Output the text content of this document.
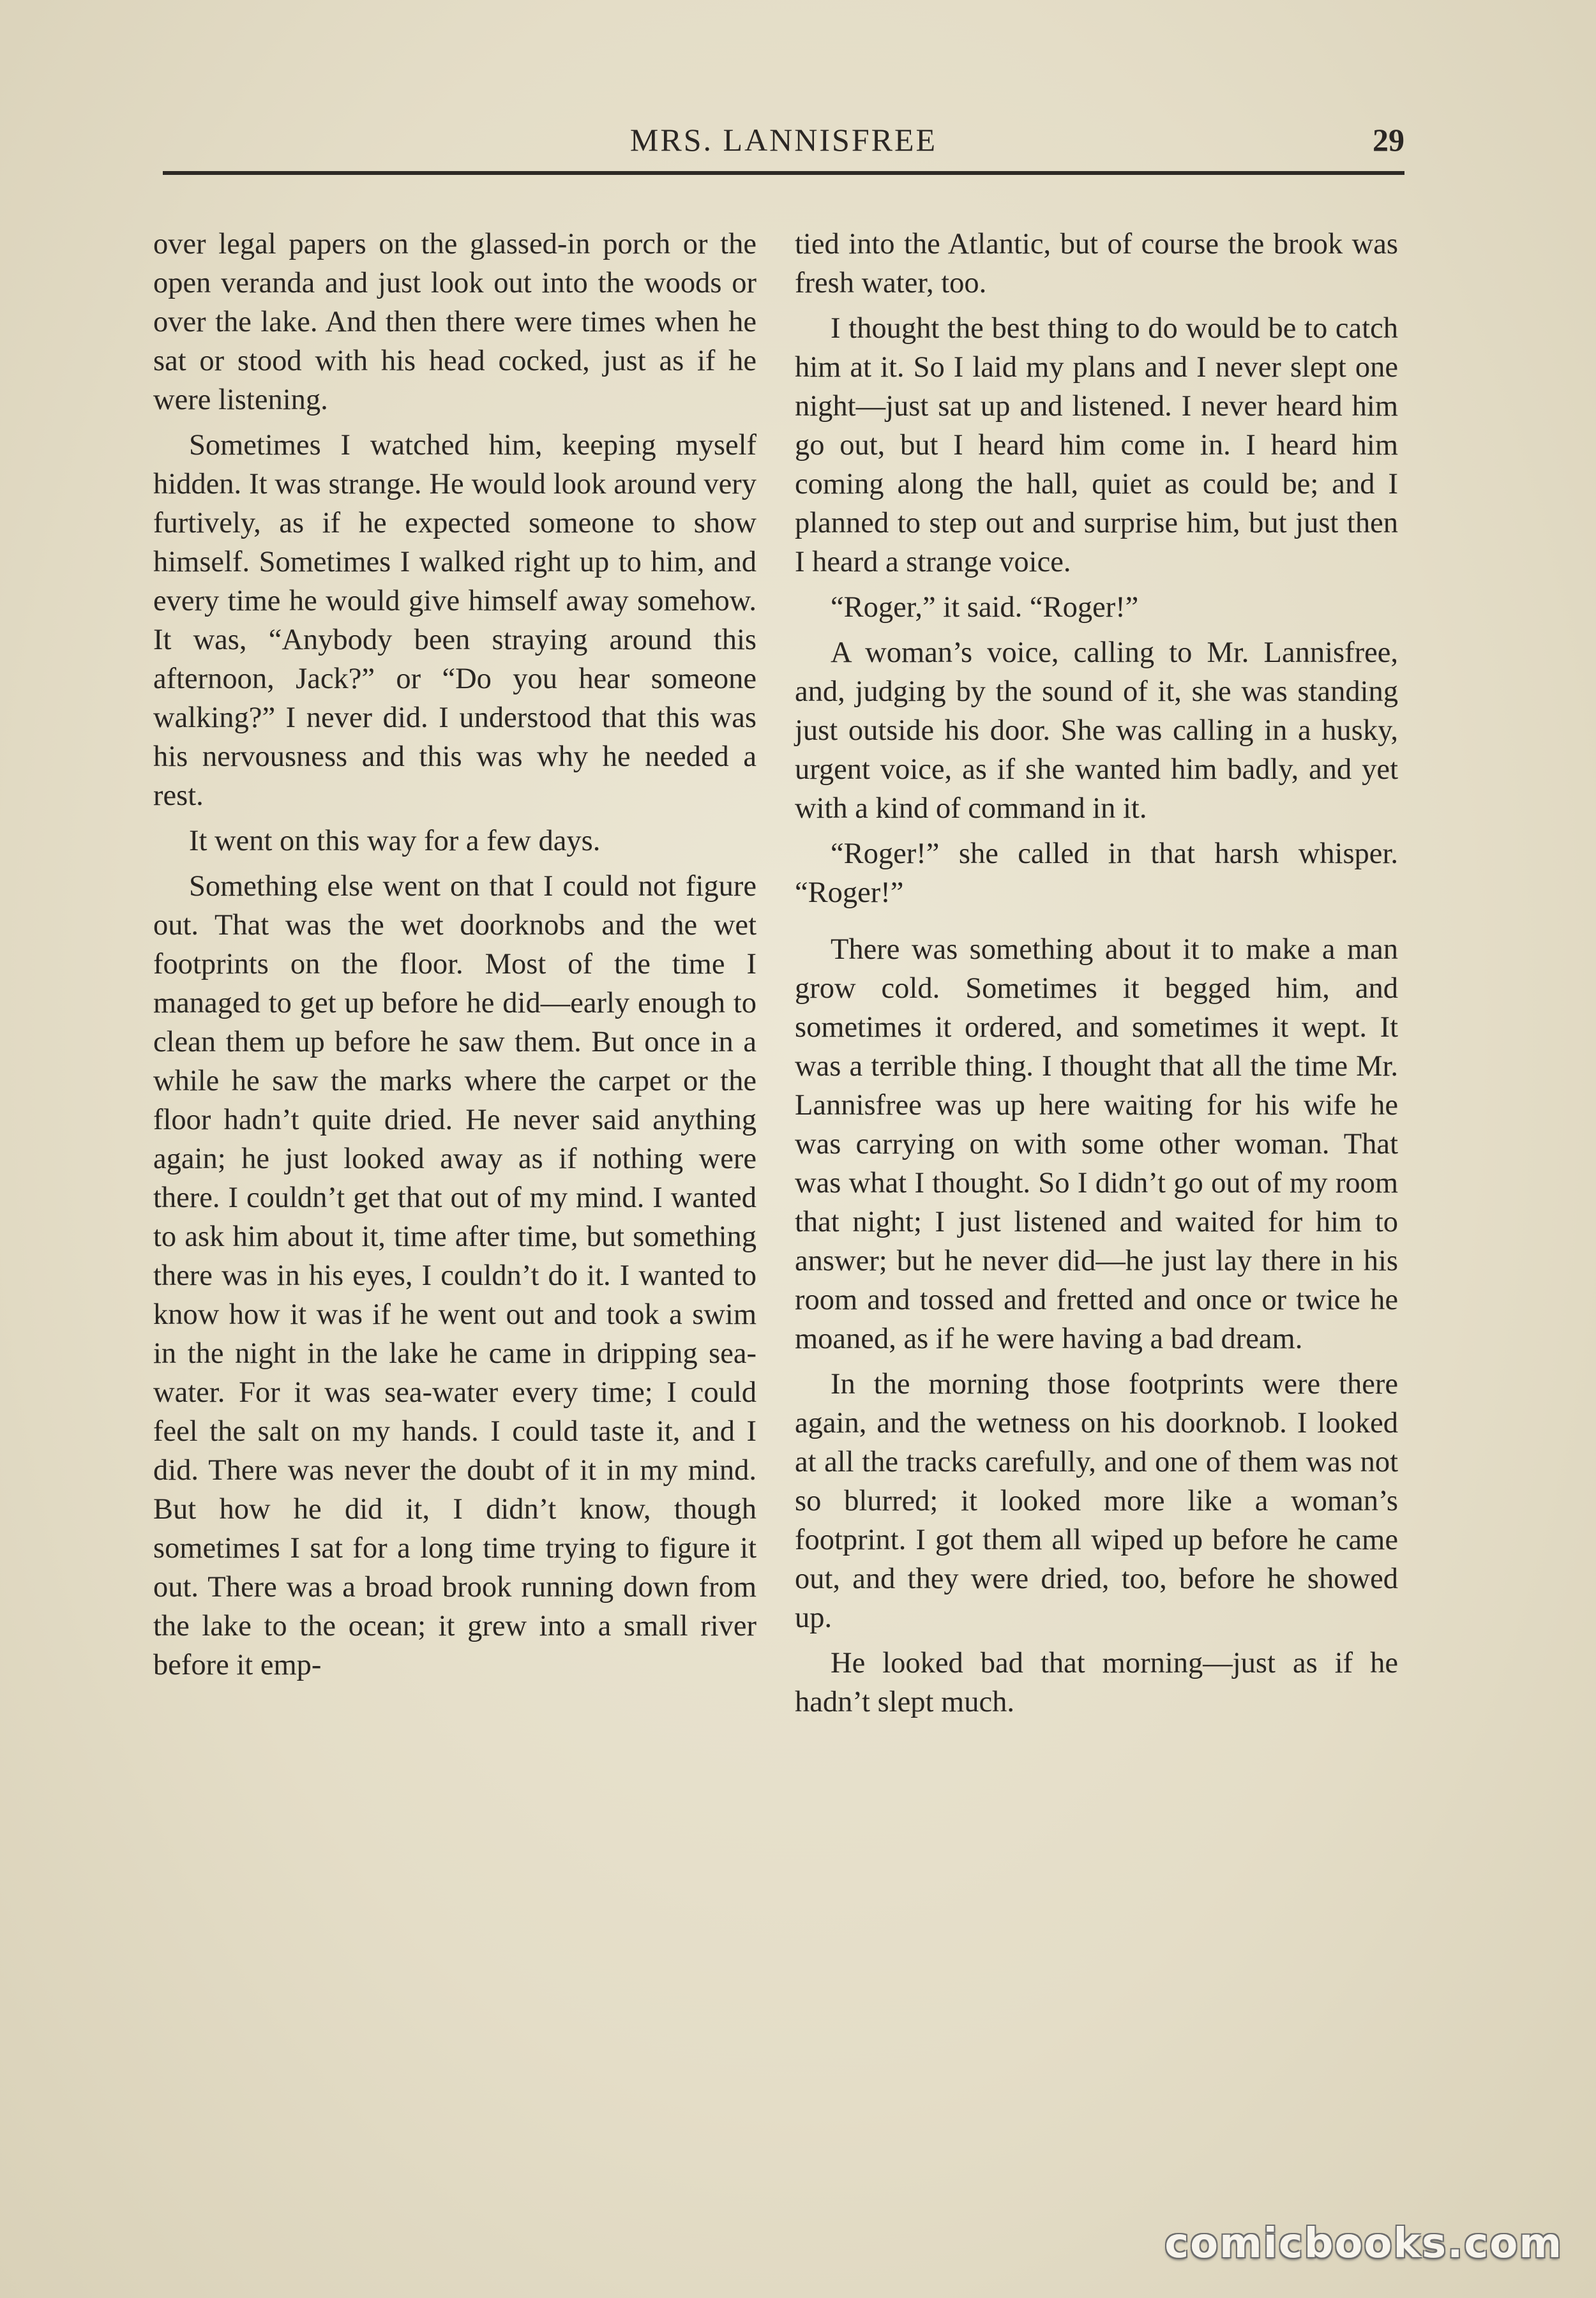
MRS. LANNISFREE	29

over legal papers on the glassed-in porch or the open veranda and just look out into the woods or over the lake. And then there were times when he sat or stood with his head cocked, just as if he were listening.

Sometimes I watched him, keeping myself hidden. It was strange. He would look around very furtively, as if he expected someone to show himself. Sometimes I walked right up to him, and every time he would give himself away somehow. It was, “Anybody been straying around this afternoon, Jack?” or “Do you hear someone walking?” I never did. I understood that this was his nervousness and this was why he needed a rest.

It went on this way for a few days.

Something else went on that I could not figure out. That was the wet doorknobs and the wet footprints on the floor. Most of the time I managed to get up before he did—early enough to clean them up before he saw them. But once in a while he saw the marks where the carpet or the floor hadn’t quite dried. He never said anything again; he just looked away as if nothing were there. I couldn’t get that out of my mind. I wanted to ask him about it, time after time, but something there was in his eyes, I couldn’t do it. I wanted to know how it was if he went out and took a swim in the night in the lake he came in dripping sea-water. For it was sea-water every time; I could feel the salt on my hands. I could taste it, and I did. There was never the doubt of it in my mind. But how he did it, I didn’t know, though sometimes I sat for a long time trying to figure it out. There was a broad brook running down from the lake to the ocean; it grew into a small river before it emp-

tied into the Atlantic, but of course the brook was fresh water, too.

I thought the best thing to do would be to catch him at it. So I laid my plans and I never slept one night—just sat up and listened. I never heard him go out, but I heard him come in. I heard him coming along the hall, quiet as could be; and I planned to step out and surprise him, but just then I heard a strange voice.

“Roger,” it said. “Roger!”

A woman’s voice, calling to Mr. Lannisfree, and, judging by the sound of it, she was standing just outside his door. She was calling in a husky, urgent voice, as if she wanted him badly, and yet with a kind of command in it.

“Roger!” she called in that harsh whisper. “Roger!”

There was something about it to make a man grow cold. Sometimes it begged him, and sometimes it ordered, and sometimes it wept. It was a terrible thing. I thought that all the time Mr. Lannisfree was up here waiting for his wife he was carrying on with some other woman. That was what I thought. So I didn’t go out of my room that night; I just listened and waited for him to answer; but he never did—he just lay there in his room and tossed and fretted and once or twice he moaned, as if he were having a bad dream.

In the morning those footprints were there again, and the wetness on his doorknob. I looked at all the tracks carefully, and one of them was not so blurred; it looked more like a woman’s footprint. I got them all wiped up before he came out, and they were dried, too, before he showed up.

He looked bad that morning—just as if he hadn’t slept much.

comicbooks.com
